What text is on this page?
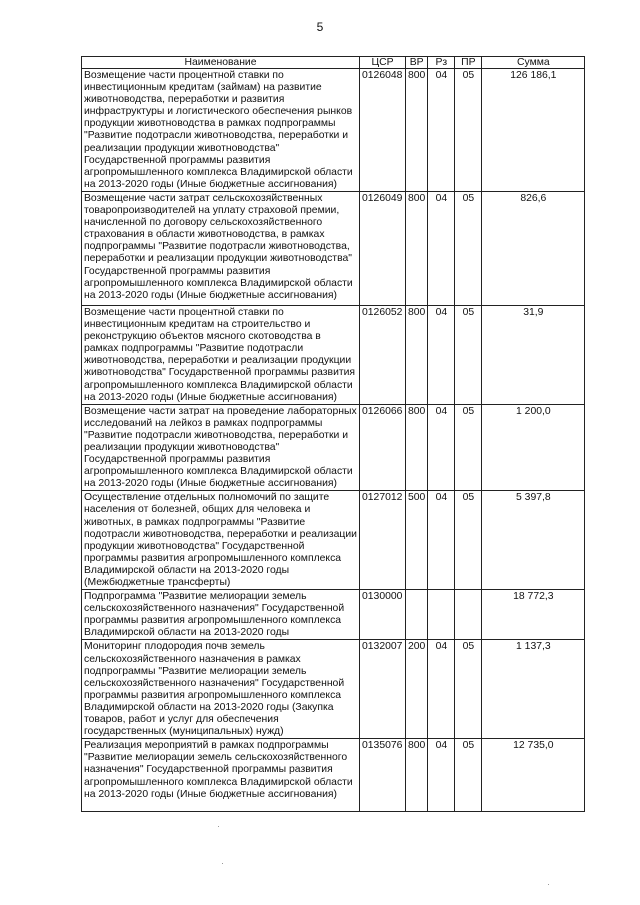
5
Наименование	ЦСР	ВР	Рз	ПР	Сумма
Возмещение части процентной ставки по инвестиционным кредитам (займам) на развитие животноводства, переработки и развития инфраструктуры и логистического обеспечения рынков продукции животноводства в рамках подпрограммы "Развитие подотрасли животноводства, переработки и реализации продукции животноводства" Государственной программы развития агропромышленного комплекса Владимирской области на 2013-2020 годы (Иные бюджетные ассигнования)	0126048	800	04	05	126 186,1
Возмещение части затрат сельскохозяйственных товаропроизводителей на уплату страховой премии, начисленной по договору сельскохозяйственного страхования в области животноводства, в рамках подпрограммы "Развитие подотрасли животноводства, переработки и реализации продукции животноводства" Государственной программы развития агропромышленного комплекса Владимирской области на 2013-2020 годы (Иные бюджетные ассигнования)	0126049	800	04	05	826,6
Возмещение части процентной ставки по инвестиционным кредитам на строительство и реконструкцию объектов мясного скотоводства в рамках подпрограммы "Развитие подотрасли животноводства, переработки и реализации продукции животноводства" Государственной программы развития агропромышленного комплекса Владимирской области на 2013-2020 годы (Иные бюджетные ассигнования)	0126052	800	04	05	31,9
Возмещение части затрат на проведение лабораторных исследований на лейкоз в рамках подпрограммы "Развитие подотрасли животноводства, переработки и реализации продукции животноводства" Государственной программы развития агропромышленного комплекса Владимирской области на 2013-2020 годы (Иные бюджетные ассигнования)	0126066	800	04	05	1 200,0
Осуществление отдельных полномочий по защите населения от болезней, общих для человека и животных, в рамках подпрограммы "Развитие подотрасли животноводства, переработки и реализации продукции животноводства" Государственной программы развития агропромышленного комплекса Владимирской области на 2013-2020 годы (Межбюджетные трансферты)	0127012	500	04	05	5 397,8
Подпрограмма "Развитие мелиорации земель сельскохозяйственного назначения" Государственной программы развития агропромышленного комплекса Владимирской области на 2013-2020 годы	0130000				18 772,3
Мониторинг плодородия почв земель сельскохозяйственного назначения в рамках подпрограммы "Развитие мелиорации земель сельскохозяйственного назначения" Государственной программы развития агропромышленного комплекса Владимирской области на 2013-2020 годы (Закупка товаров, работ и услуг для обеспечения государственных (муниципальных) нужд)	0132007	200	04	05	1 137,3
Реализация мероприятий в рамках подпрограммы "Развитие мелиорации земель сельскохозяйственного назначения" Государственной программы развития агропромышленного комплекса Владимирской области на 2013-2020 годы (Иные бюджетные ассигнования)	0135076	800	04	05	12 735,0
